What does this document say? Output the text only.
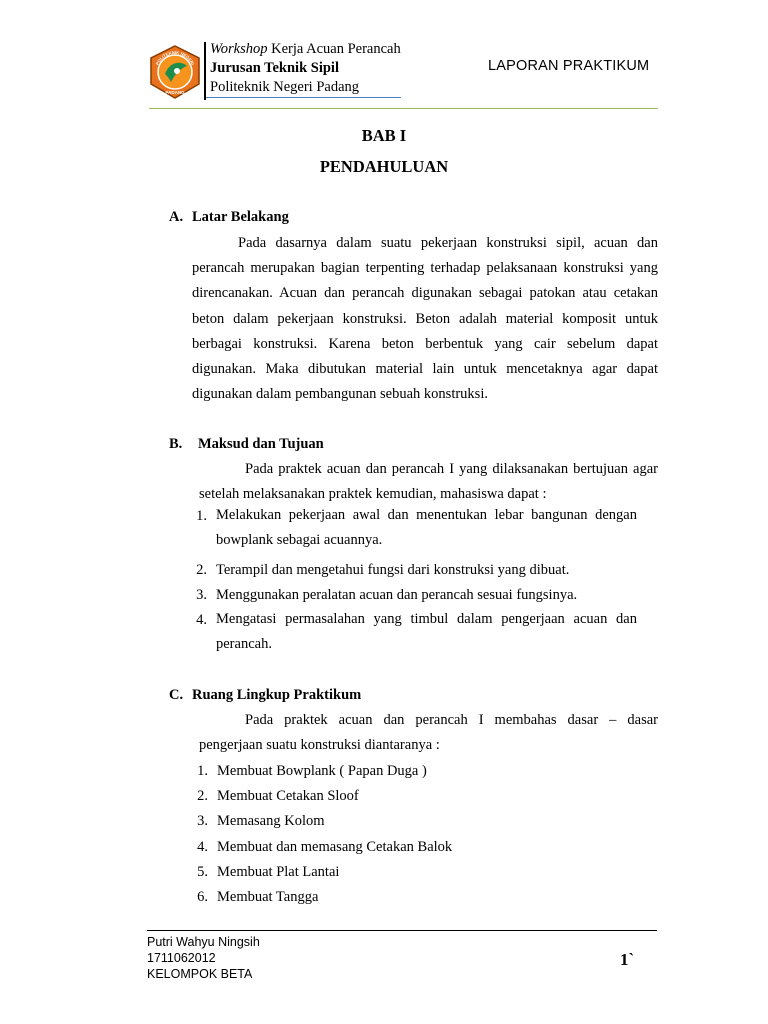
POLITEKNIK NEGERI
PADANG
Workshop Kerja Acuan Perancah
Jurusan Teknik Sipil
Politeknik Negeri Padang
LAPORAN PRAKTIKUM
BAB I
PENDAHULUAN
A. Latar Belakang
Pada dasarnya dalam suatu pekerjaan konstruksi sipil, acuan dan perancah merupakan bagian terpenting terhadap pelaksanaan konstruksi yang direncanakan. Acuan dan perancah digunakan sebagai patokan atau cetakan beton dalam pekerjaan konstruksi. Beton adalah material komposit untuk berbagai konstruksi. Karena beton berbentuk yang cair sebelum dapat digunakan. Maka dibutukan material lain untuk mencetaknya agar dapat digunakan dalam pembangunan sebuah konstruksi.
B. Maksud dan Tujuan
Pada praktek acuan dan perancah I yang dilaksanakan bertujuan agar setelah melaksanakan praktek kemudian, mahasiswa dapat :
1. Melakukan pekerjaan awal dan menentukan lebar bangunan dengan bowplank sebagai acuannya.
2. Terampil dan mengetahui fungsi dari konstruksi yang dibuat.
3. Menggunakan peralatan acuan dan perancah sesuai fungsinya.
4. Mengatasi permasalahan yang timbul dalam pengerjaan acuan dan perancah.
C. Ruang Lingkup Praktikum
Pada praktek acuan dan perancah I membahas dasar – dasar pengerjaan suatu konstruksi diantaranya :
1. Membuat Bowplank ( Papan Duga )
2. Membuat Cetakan Sloof
3. Memasang Kolom
4. Membuat dan memasang Cetakan Balok
5. Membuat Plat Lantai
6. Membuat Tangga
Putri Wahyu Ningsih
1711062012
KELOMPOK BETA
1`
